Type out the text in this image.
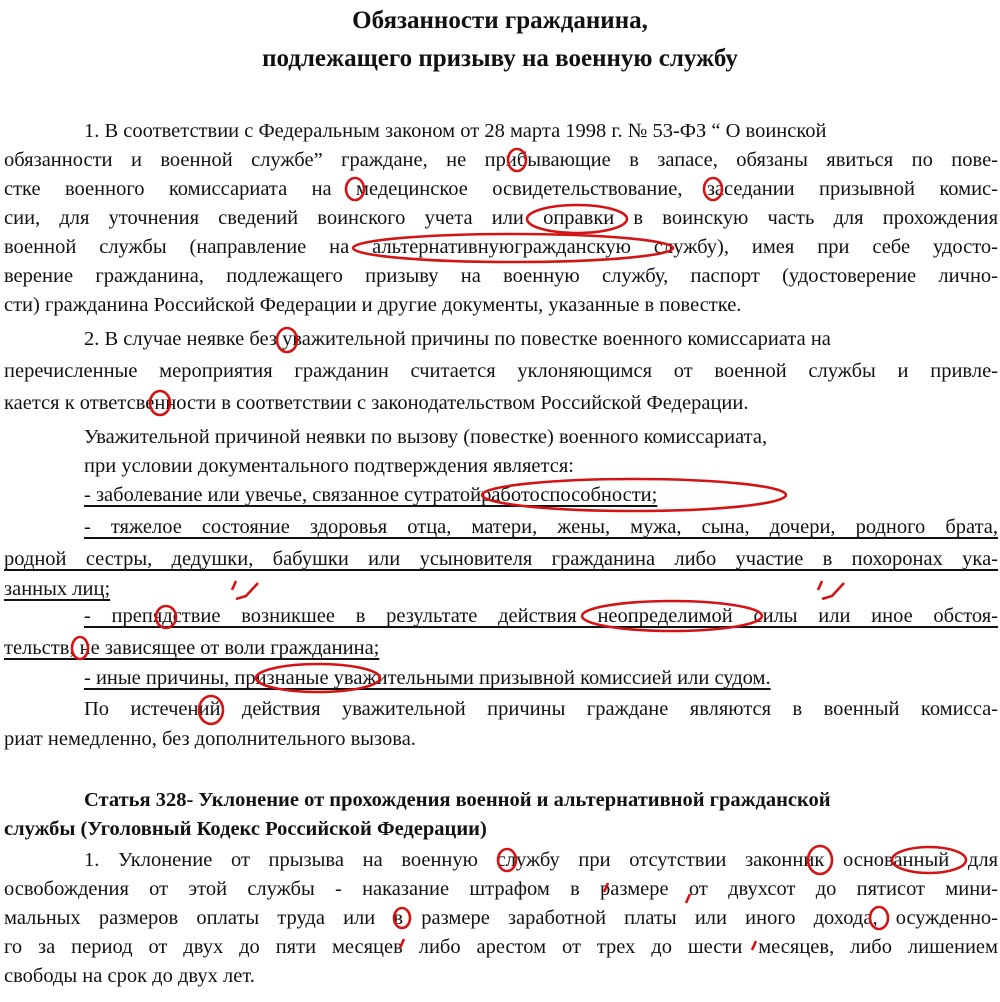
Обязанности гражданина,
подлежащего призыву на военную службу
1. В соответствии с Федеральным законом от 28 марта 1998 г. № 53-ФЗ “ О воинской
обязанности и военной службе” граждане, не прибывающие в запасе, обязаны явиться по пове-
стке военного комиссариата на медецинское освидетельствование, заседании призывной комис-
сии, для уточнения сведений воинского учета или оправки в воинскую часть для прохождения
военной службы (направление на альтернативнуюгражданскую службу), имея при себе удосто-
верение гражданина, подлежащего призыву на военную службу, паспорт (удостоверение лично-
сти) гражданина Российской Федерации и другие документы, указанные в повестке.
2. В случае неявке без уважительной причины по повестке военного комиссариата на
перечисленные мероприятия гражданин считается уклоняющимся от военной службы и привле-
кается к ответсвенности в соответствии с законодательством Российской Федерации.
Уважительной причиной неявки по вызову (повестке) военного комиссариата,
при условии документального подтверждения является:
- заболевание или увечье, связанное сутратойработоспособности;
- тяжелое состояние здоровья отца, матери, жены, мужа, сына, дочери, родного брата,
родной сестры, дедушки, бабушки или усыновителя гражданина либо участие в похоронах ука-
занных лиц;
- препядствие возникшее в результате действия неопределимой силы или иное обстоя-
тельств, не зависящее от воли гражданина;
- иные причины, признаные уважительными призывной комиссией или судом.
По истечений действия уважительной причины граждане являются в военный комисса-
риат немедленно, без дополнительного вызова.
Статья 328- Уклонение от прохождения военной и альтернативной гражданской
службы (Уголовный Кодекс Российской Федерации)
1. Уклонение от прызыва на военную службу при отсутствии законник основанный для
освобождения от этой службы - наказание штрафом в размере от двухсот до пятисот мини-
мальных размеров оплаты труда или в размере заработной платы или иного дохода, осужденно-
го за период от двух до пяти месяцев либо арестом от трех до шести месяцев, либо лишением
свободы на срок до двух лет.
